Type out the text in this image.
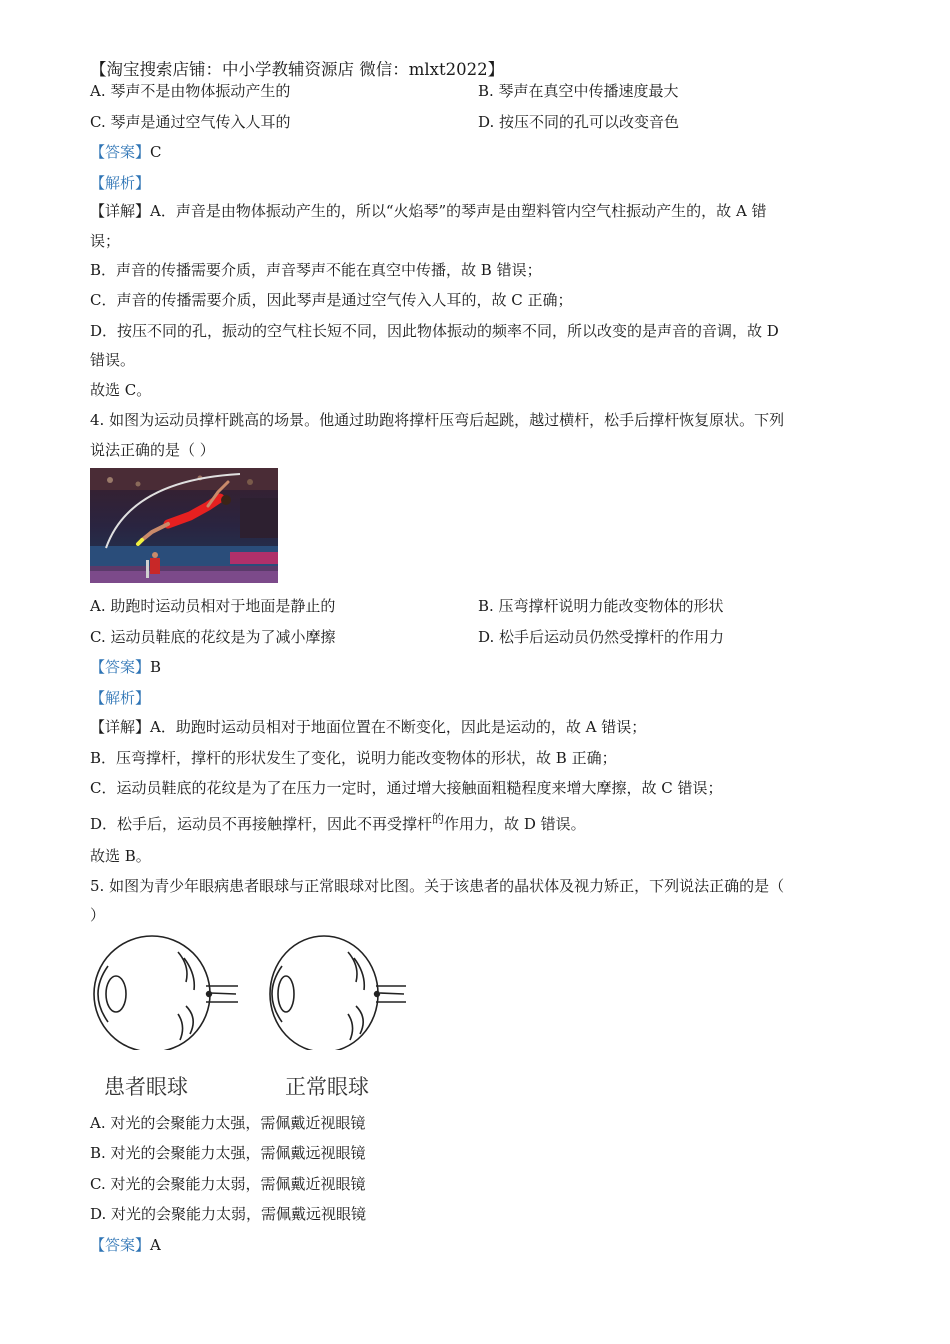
【淘宝搜索店铺：中小学教辅资源店 微信：mlxt2022】
A. 琴声不是由物体振动产生的	B. 琴声在真空中传播速度最大
C. 琴声是通过空气传入人耳的	D. 按压不同的孔可以改变音色
【答案】C
【解析】
【详解】A．声音是由物体振动产生的，所以“火焰琴”的琴声是由塑料管内空气柱振动产生的，故 A 错
误；
B．声音的传播需要介质，声音琴声不能在真空中传播，故 B 错误；
C．声音的传播需要介质，因此琴声是通过空气传入人耳的，故 C 正确；
D．按压不同的孔，振动的空气柱长短不同，因此物体振动的频率不同，所以改变的是声音的音调，故 D
错误。
故选 C。
4. 如图为运动员撑杆跳高的场景。他通过助跑将撑杆压弯后起跳，越过横杆，松手后撑杆恢复原状。下列
说法正确的是（ ）
A. 助跑时运动员相对于地面是静止的	B. 压弯撑杆说明力能改变物体的形状
C. 运动员鞋底的花纹是为了减小摩擦	D. 松手后运动员仍然受撑杆的作用力
【答案】B
【解析】
【详解】A．助跑时运动员相对于地面位置在不断变化，因此是运动的，故 A 错误；
B．压弯撑杆，撑杆的形状发生了变化，说明力能改变物体的形状，故 B 正确；
C．运动员鞋底的花纹是为了在压力一定时，通过增大接触面粗糙程度来增大摩擦，故 C 错误；
D．松手后，运动员不再接触撑杆，因此不再受撑杆$^的$作用力，故 D 错误。
故选 B。
5. 如图为青少年眼病患者眼球与正常眼球对比图。关于该患者的晶状体及视力矫正，下列说法正确的是（
）
患者眼球	正常眼球
A. 对光的会聚能力太强，需佩戴近视眼镜
B. 对光的会聚能力太强，需佩戴远视眼镜
C. 对光的会聚能力太弱，需佩戴近视眼镜
D. 对光的会聚能力太弱，需佩戴远视眼镜
【答案】A
